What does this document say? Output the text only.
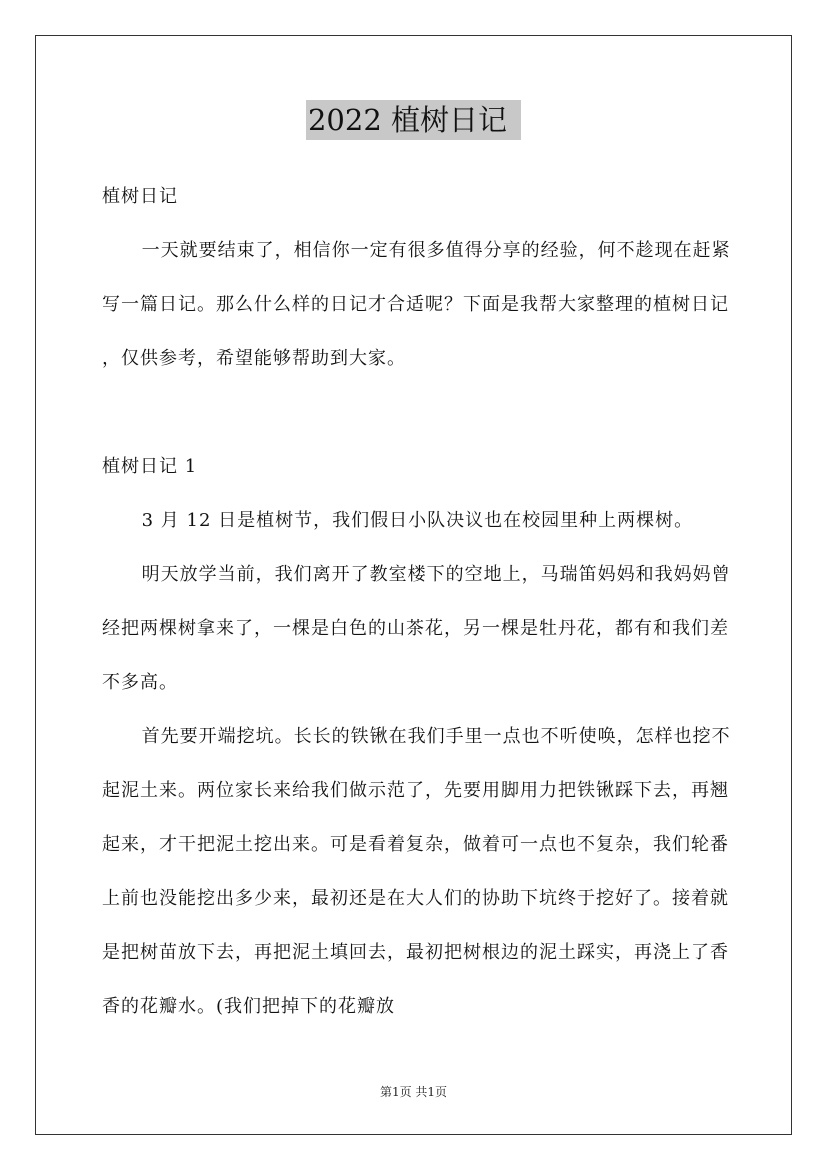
2022 植树日记

植树日记

一天就要结束了，相信你一定有很多值得分享的经验，何不趁现在赶紧写一篇日记。那么什么样的日记才合适呢？下面是我帮大家整理的植树日记 ，仅供参考，希望能够帮助到大家。

植树日记 1

3 月 12 日是植树节，我们假日小队决议也在校园里种上两棵树。

明天放学当前，我们离开了教室楼下的空地上，马瑞笛妈妈和我妈妈曾经把两棵树拿来了，一棵是白色的山茶花，另一棵是牡丹花，都有和我们差不多高。

首先要开端挖坑。长长的铁锹在我们手里一点也不听使唤，怎样也挖不起泥土来。两位家长来给我们做示范了，先要用脚用力把铁锹踩下去，再翘起来，才干把泥土挖出来。可是看着复杂，做着可一点也不复杂，我们轮番上前也没能挖出多少来，最初还是在大人们的协助下坑终于挖好了。接着就是把树苗放下去，再把泥土填回去，最初把树根边的泥土踩实，再浇上了香香的花瓣水。(我们把掉下的花瓣放

第1页 共1页
